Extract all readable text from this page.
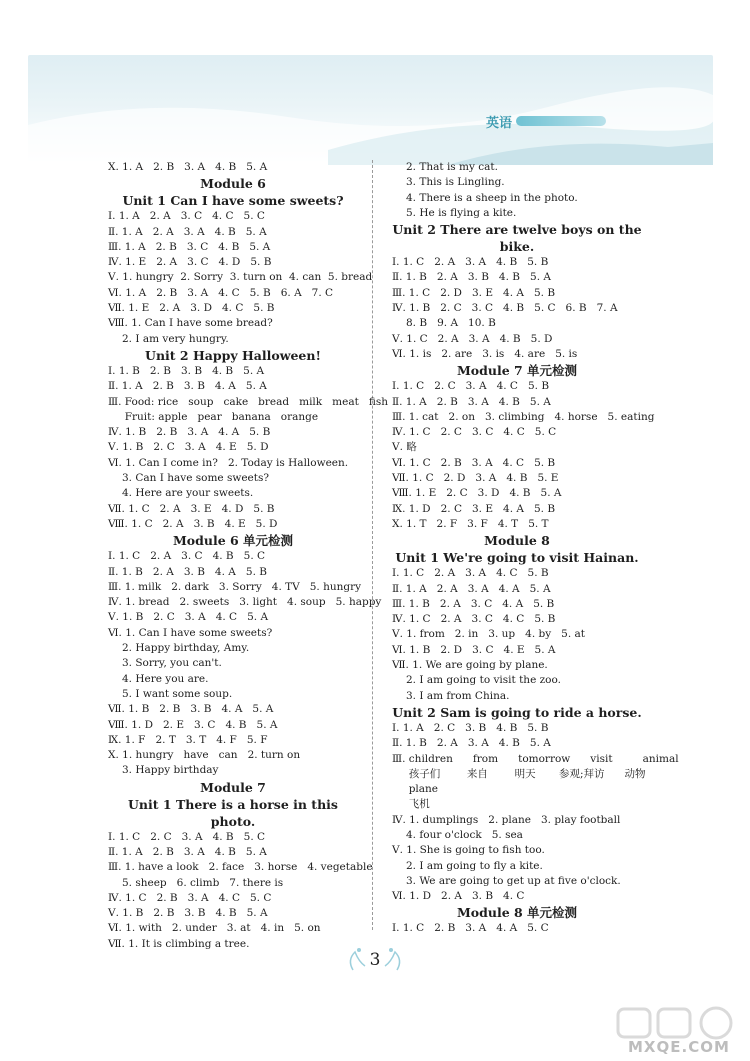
英语
Ⅹ. 1. A   2. B   3. A   4. B   5. A
Module 6
Unit 1 Can I have some sweets?
Ⅰ. 1. A   2. A   3. C   4. C   5. C
Ⅱ. 1. A   2. A   3. A   4. B   5. A
Ⅲ. 1. A   2. B   3. C   4. B   5. A
Ⅳ. 1. E   2. A   3. C   4. D   5. B
Ⅴ. 1. hungry  2. Sorry  3. turn on  4. can  5. bread
Ⅵ. 1. A   2. B   3. A   4. C   5. B   6. A   7. C
Ⅶ. 1. E   2. A   3. D   4. C   5. B
Ⅷ. 1. Can I have some bread?
2. I am very hungry.
Unit 2 Happy Halloween!
Ⅰ. 1. B   2. B   3. B   4. B   5. A
Ⅱ. 1. A   2. B   3. B   4. A   5. A
Ⅲ. Food: rice   soup   cake   bread   milk   meat   fish
Fruit: apple   pear   banana   orange
Ⅳ. 1. B   2. B   3. A   4. A   5. B
Ⅴ. 1. B   2. C   3. A   4. E   5. D
Ⅵ. 1. Can I come in?   2. Today is Halloween.
3. Can I have some sweets?
4. Here are your sweets.
Ⅶ. 1. C   2. A   3. E   4. D   5. B
Ⅷ. 1. C   2. A   3. B   4. E   5. D
Module 6 单元检测
Ⅰ. 1. C   2. A   3. C   4. B   5. C
Ⅱ. 1. B   2. A   3. B   4. A   5. B
Ⅲ. 1. milk   2. dark   3. Sorry   4. TV   5. hungry
Ⅳ. 1. bread   2. sweets   3. light   4. soup   5. happy
Ⅴ. 1. B   2. C   3. A   4. C   5. A
Ⅵ. 1. Can I have some sweets?
2. Happy birthday, Amy.
3. Sorry, you can't.
4. Here you are.
5. I want some soup.
Ⅶ. 1. B   2. B   3. B   4. A   5. A
Ⅷ. 1. D   2. E   3. C   4. B   5. A
Ⅸ. 1. F   2. T   3. T   4. F   5. F
Ⅹ. 1. hungry   have   can   2. turn on
3. Happy birthday
Module 7
Unit 1 There is a horse in this photo.
Ⅰ. 1. C   2. C   3. A   4. B   5. C
Ⅱ. 1. A   2. B   3. A   4. B   5. A
Ⅲ. 1. have a look   2. face   3. horse   4. vegetable
5. sheep   6. climb   7. there is
Ⅳ. 1. C   2. B   3. A   4. C   5. C
Ⅴ. 1. B   2. B   3. B   4. B   5. A
Ⅵ. 1. with   2. under   3. at   4. in   5. on
Ⅶ. 1. It is climbing a tree.
2. That is my cat.
3. This is Lingling.
4. There is a sheep in the photo.
5. He is flying a kite.
Unit 2 There are twelve boys on the
bike.
Ⅰ. 1. C   2. A   3. A   4. B   5. B
Ⅱ. 1. B   2. A   3. B   4. B   5. A
Ⅲ. 1. C   2. D   3. E   4. A   5. B
Ⅳ. 1. B   2. C   3. C   4. B   5. C   6. B   7. A
8. B   9. A   10. B
Ⅴ. 1. C   2. A   3. A   4. B   5. D
Ⅵ. 1. is   2. are   3. is   4. are   5. is
Module 7 单元检测
Ⅰ. 1. C   2. C   3. A   4. C   5. B
Ⅱ. 1. A   2. B   3. A   4. B   5. A
Ⅲ. 1. cat   2. on   3. climbing   4. horse   5. eating
Ⅳ. 1. C   2. C   3. C   4. C   5. C
Ⅴ. 略
Ⅵ. 1. C   2. B   3. A   4. C   5. B
Ⅶ. 1. C   2. D   3. A   4. B   5. E
Ⅷ. 1. E   2. C   3. D   4. B   5. A
Ⅸ. 1. D   2. C   3. E   4. A   5. B
Ⅹ. 1. T   2. F   3. F   4. T   5. T
Module 8
Unit 1 We're going to visit Hainan.
Ⅰ. 1. C   2. A   3. A   4. C   5. B
Ⅱ. 1. A   2. A   3. A   4. A   5. A
Ⅲ. 1. B   2. A   3. C   4. A   5. B
Ⅳ. 1. C   2. A   3. C   4. C   5. B
Ⅴ. 1. from   2. in   3. up   4. by   5. at
Ⅵ. 1. B   2. D   3. C   4. E   5. A
Ⅶ. 1. We are going by plane.
2. I am going to visit the zoo.
3. I am from China.
Unit 2 Sam is going to ride a horse.
Ⅰ. 1. A   2. C   3. B   4. B   5. B
Ⅱ. 1. B   2. A   3. A   4. B   5. A
Ⅲ. children      from      tomorrow      visit         animal
孩子们        来自        明天       参观;拜访      动物
plane
飞机
Ⅳ. 1. dumplings   2. plane   3. play football
4. four o'clock   5. sea
Ⅴ. 1. She is going to fish too.
2. I am going to fly a kite.
3. We are going to get up at five o'clock.
Ⅵ. 1. D   2. A   3. B   4. C
Module 8 单元检测
Ⅰ. 1. C   2. B   3. A   4. A   5. C
3
MXQE.COM
